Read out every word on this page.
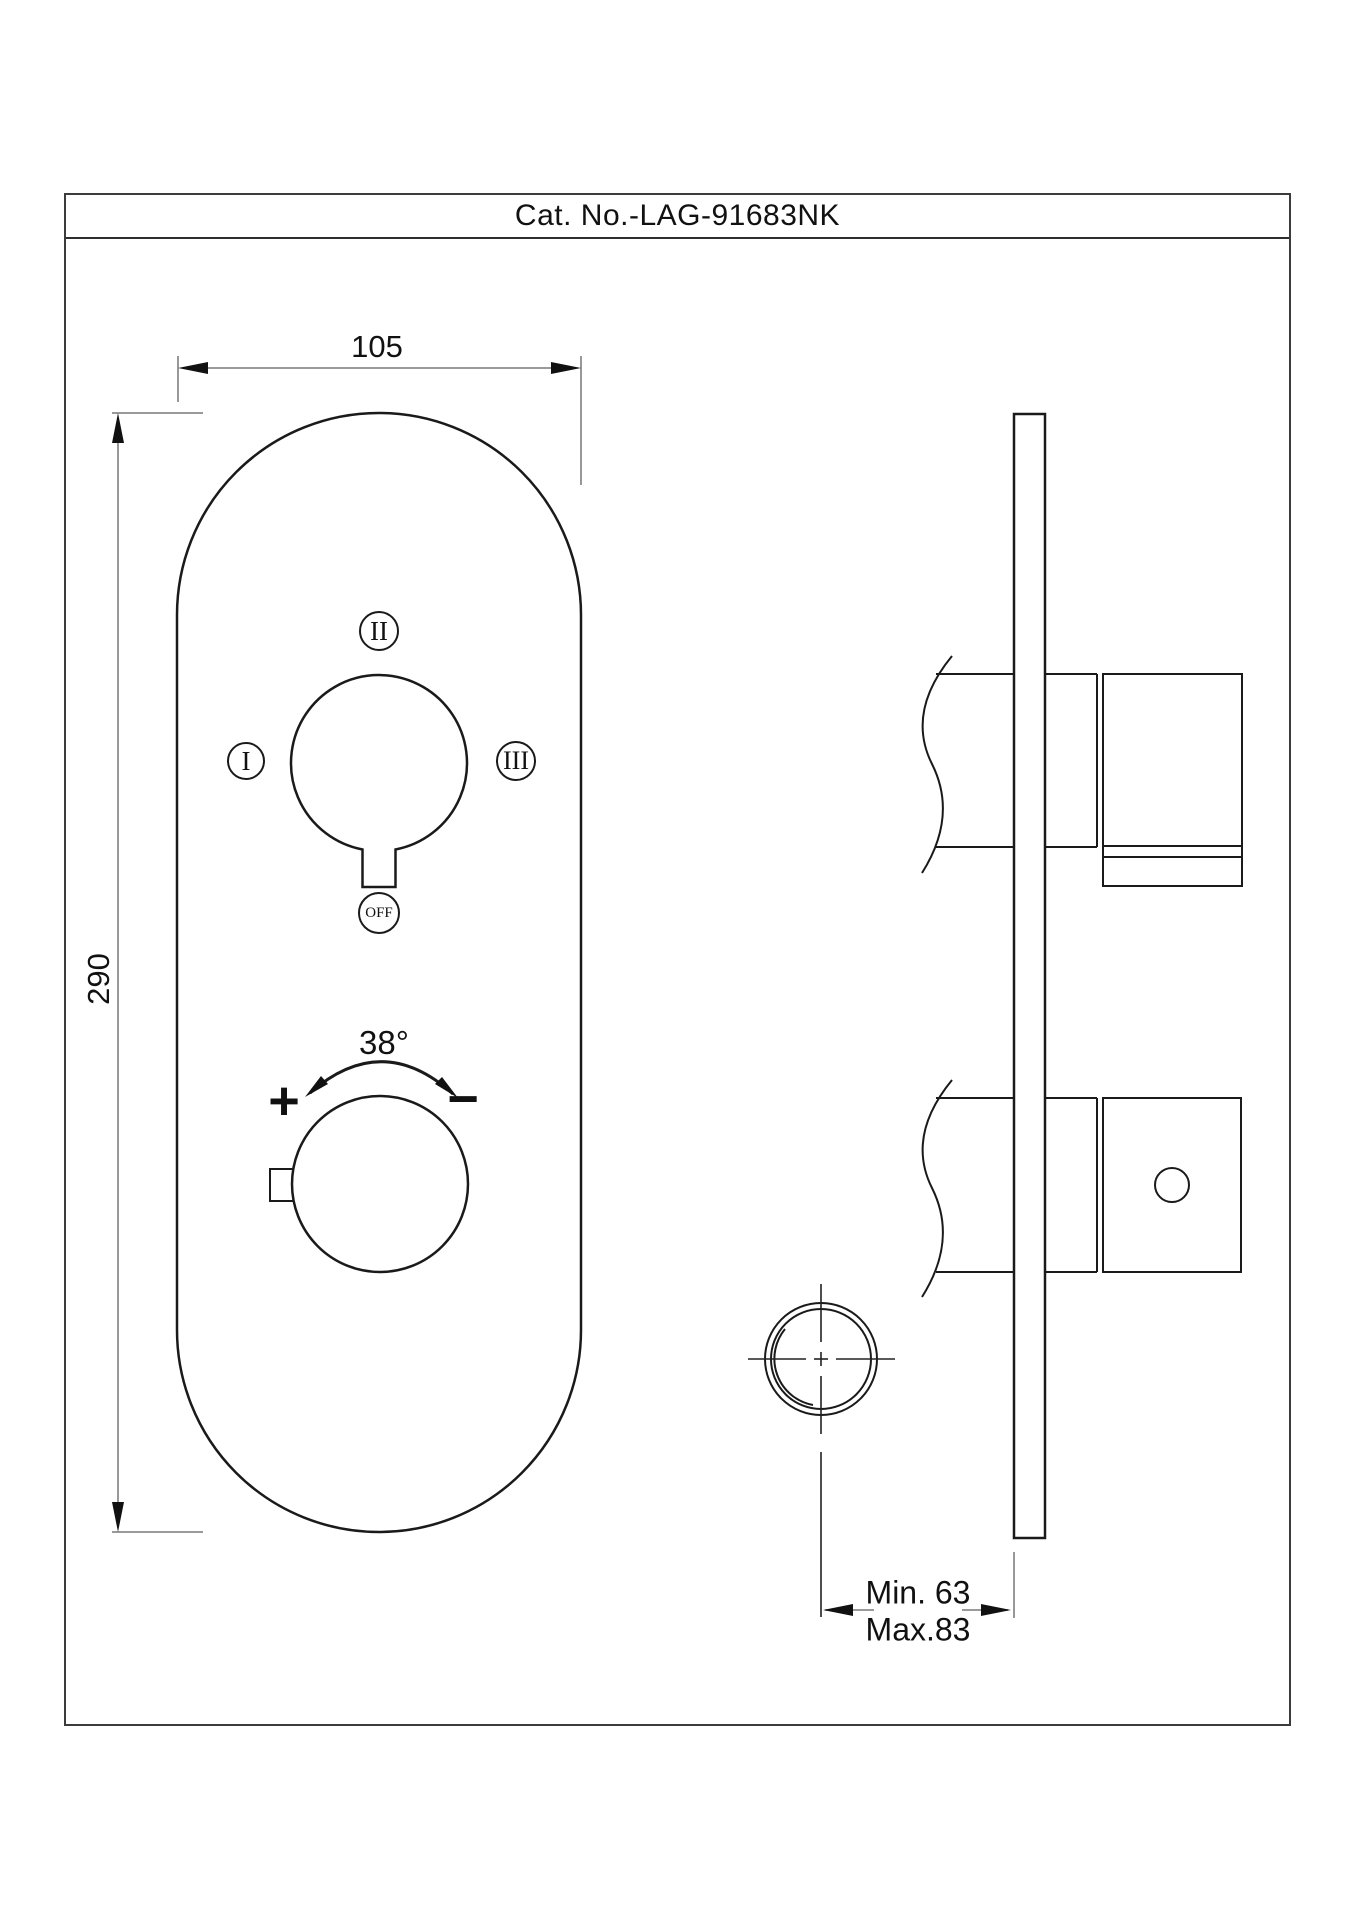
Cat. No.-LAG-91683NK
105
290
I
II
III
OFF
38°
+	−
Min. 63
Max.83
